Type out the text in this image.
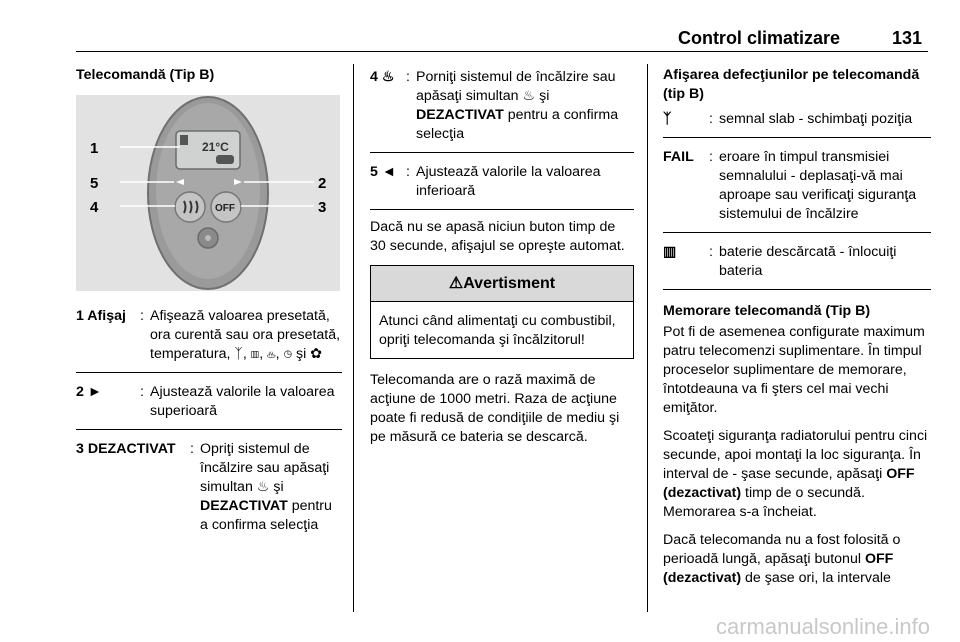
Control climatizare	131
Telecomandă (Tip B)
21°C
OFF
1
2
3
4
5
1 Afişaj : Afişează valoarea presetată, ora curentă sau ora presetată, temperatura, ᛉ, ▥, ♨, ◷ şi ✿
2 ►	: Ajustează valorile la valoarea superioară
3 DEZACTIVAT	: Opriţi sistemul de încălzire sau apăsaţi simultan ♨ şi DEZACTIVAT pentru a confirma selecţia
4 ♨ : Porniţi sistemul de încălzire sau apăsaţi simultan ♨ şi DEZACTIVAT pentru a confirma selecţia
5 ◄ : Ajustează valorile la valoarea inferioară

Dacă nu se apasă niciun buton timp de 30 secunde, afişajul se opreşte automat.

⚠Avertisment
Atunci când alimentaţi cu combustibil, opriţi telecomanda şi încălzitorul!

Telecomanda are o rază maximă de acţiune de 1000 metri. Raza de acţiune poate fi redusă de condiţiile de mediu şi pe măsură ce bateria se descarcă.

Afişarea defecţiunilor pe telecomandă (tip B)
ᛉ	: semnal slab - schimbaţi poziţia
FAIL	: eroare în timpul transmisiei semnalului - deplasaţi-vă mai aproape sau verificaţi siguranţa sistemului de încălzire
▥	: baterie descărcată - înlocuiţi bateria
Memorare telecomandă (Tip B)

Pot fi de asemenea configurate maximum patru telecomenzi suplimentare. În timpul proceselor suplimentare de memorare, întotdeauna va fi şters cel mai vechi emiţător.

Scoateţi siguranţa radiatorului pentru cinci secunde, apoi montaţi la loc siguranţa. În interval de - şase secunde, apăsaţi OFF (dezactivat) timp de o secundă. Memorarea s-a încheiat.

Dacă telecomanda nu a fost folosită o perioadă lungă, apăsaţi butonul OFF (dezactivat) de şase ori, la intervale

carmanualsonline.info
